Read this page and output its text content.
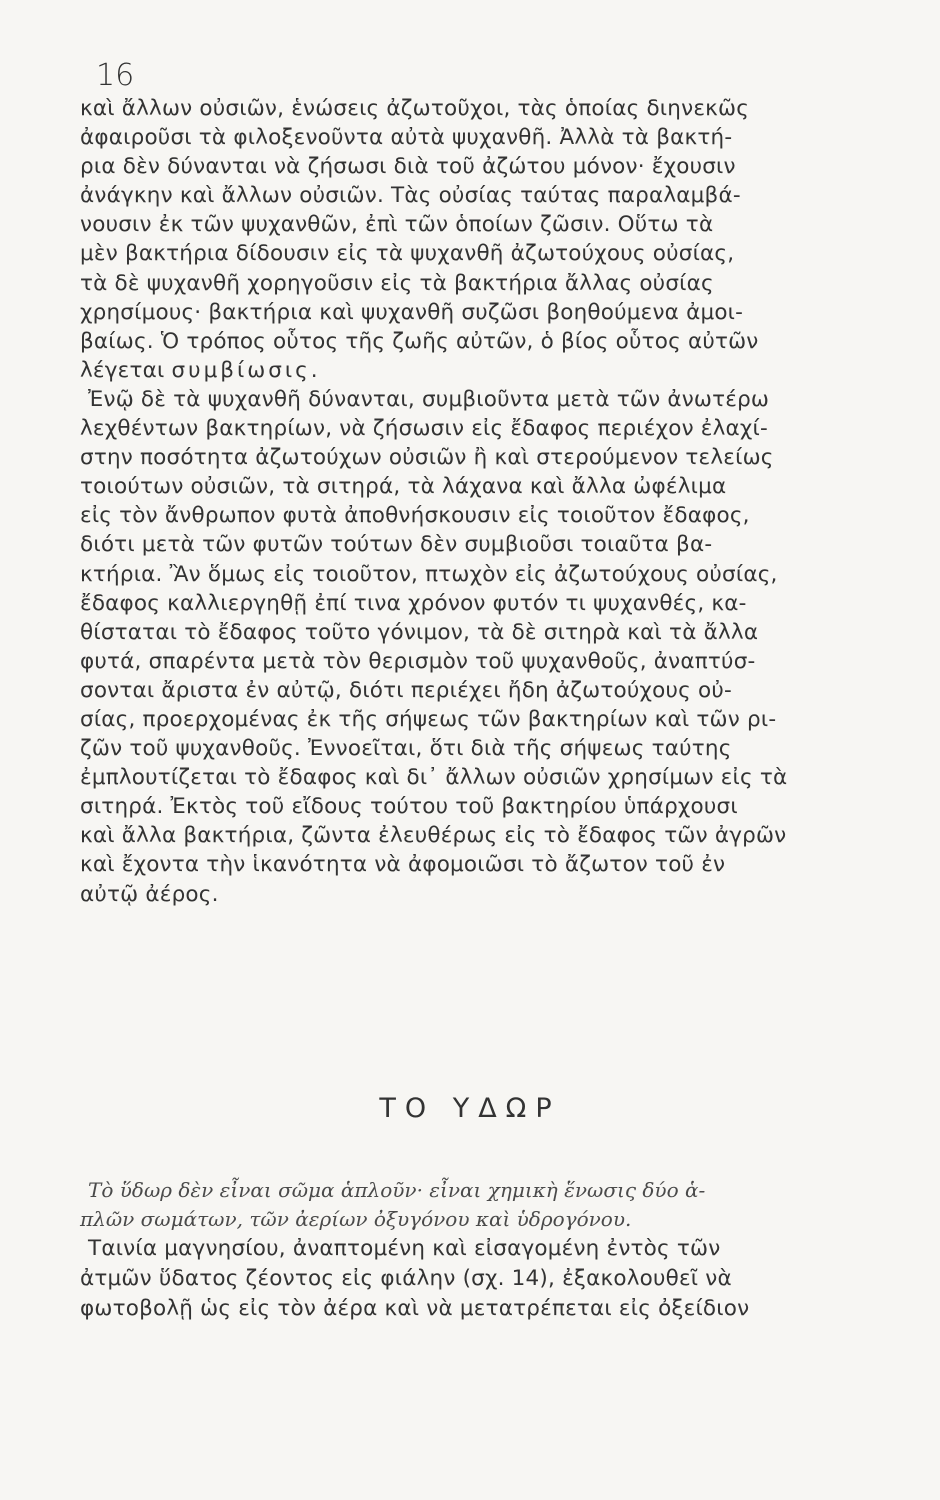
16
καὶ ἄλλων οὐσιῶν, ἑνώσεις ἀζωτοῦχοι, τὰς ὁποίας διηνεκῶς
ἀφαιροῦσι τὰ φιλοξενοῦντα αὐτὰ ψυχανθῆ. Ἀλλὰ τὰ βακτή-
ρια δὲν δύνανται νὰ ζήσωσι διὰ τοῦ ἀζώτου μόνον· ἔχουσιν
ἀνάγκην καὶ ἄλλων οὐσιῶν. Τὰς οὐσίας ταύτας παραλαμβά-
νουσιν ἐκ τῶν ψυχανθῶν, ἐπὶ τῶν ὁποίων ζῶσιν. Οὕτω τὰ
μὲν βακτήρια δίδουσιν εἰς τὰ ψυχανθῆ ἀζωτούχους οὐσίας,
τὰ δὲ ψυχανθῆ χορηγοῦσιν εἰς τὰ βακτήρια ἄλλας οὐσίας
χρησίμους· βακτήρια καὶ ψυχανθῆ συζῶσι βοηθούμενα ἀμοι-
βαίως. Ὁ τρόπος οὗτος τῆς ζωῆς αὐτῶν, ὁ βίος οὗτος αὐτῶν
λέγεται συμβίωσις.
Ἐνῷ δὲ τὰ ψυχανθῆ δύνανται, συμβιοῦντα μετὰ τῶν ἀνωτέρω
λεχθέντων βακτηρίων, νὰ ζήσωσιν εἰς ἔδαφος περιέχον ἐλαχί-
στην ποσότητα ἀζωτούχων οὐσιῶν ἢ καὶ στερούμενον τελείως
τοιούτων οὐσιῶν, τὰ σιτηρά, τὰ λάχανα καὶ ἄλλα ὠφέλιμα
εἰς τὸν ἄνθρωπον φυτὰ ἀποθνήσκουσιν εἰς τοιοῦτον ἔδαφος,
διότι μετὰ τῶν φυτῶν τούτων δὲν συμβιοῦσι τοιαῦτα βα-
κτήρια. Ἂν ὅμως εἰς τοιοῦτον, πτωχὸν εἰς ἀζωτούχους οὐσίας,
ἔδαφος καλλιεργηθῇ ἐπί τινα χρόνον φυτόν τι ψυχανθές, κα-
θίσταται τὸ ἔδαφος τοῦτο γόνιμον, τὰ δὲ σιτηρὰ καὶ τὰ ἄλλα
φυτά, σπαρέντα μετὰ τὸν θερισμὸν τοῦ ψυχανθοῦς, ἀναπτύσ-
σονται ἄριστα ἐν αὐτῷ, διότι περιέχει ἤδη ἀζωτούχους οὐ-
σίας, προερχομένας ἐκ τῆς σήψεως τῶν βακτηρίων καὶ τῶν ρι-
ζῶν τοῦ ψυχανθοῦς. Ἐννοεῖται, ὅτι διὰ τῆς σήψεως ταύτης
ἐμπλουτίζεται τὸ ἔδαφος καὶ δι᾿ ἄλλων οὐσιῶν χρησίμων εἰς τὰ
σιτηρά. Ἐκτὸς τοῦ εἴδους τούτου τοῦ βακτηρίου ὑπάρχουσι
καὶ ἄλλα βακτήρια, ζῶντα ἐλευθέρως εἰς τὸ ἔδαφος τῶν ἀγρῶν
καὶ ἔχοντα τὴν ἱκανότητα νὰ ἀφομοιῶσι τὸ ἄζωτον τοῦ ἐν
αὐτῷ ἀέρος.
ΤΟ ΥΔΩΡ
Τὸ ὕδωρ δὲν εἶναι σῶμα ἁπλοῦν· εἶναι χημικὴ ἕνωσις δύο ἁ-
πλῶν σωμάτων, τῶν ἀερίων ὀξυγόνου καὶ ὑδρογόνου.
Ταινία μαγνησίου, ἀναπτομένη καὶ εἰσαγομένη ἐντὸς τῶν
ἀτμῶν ὕδατος ζέοντος εἰς φιάλην (σχ. 14), ἐξακολουθεῖ νὰ
φωτοβολῇ ὡς εἰς τὸν ἀέρα καὶ νὰ μετατρέπεται εἰς ὀξείδιον
